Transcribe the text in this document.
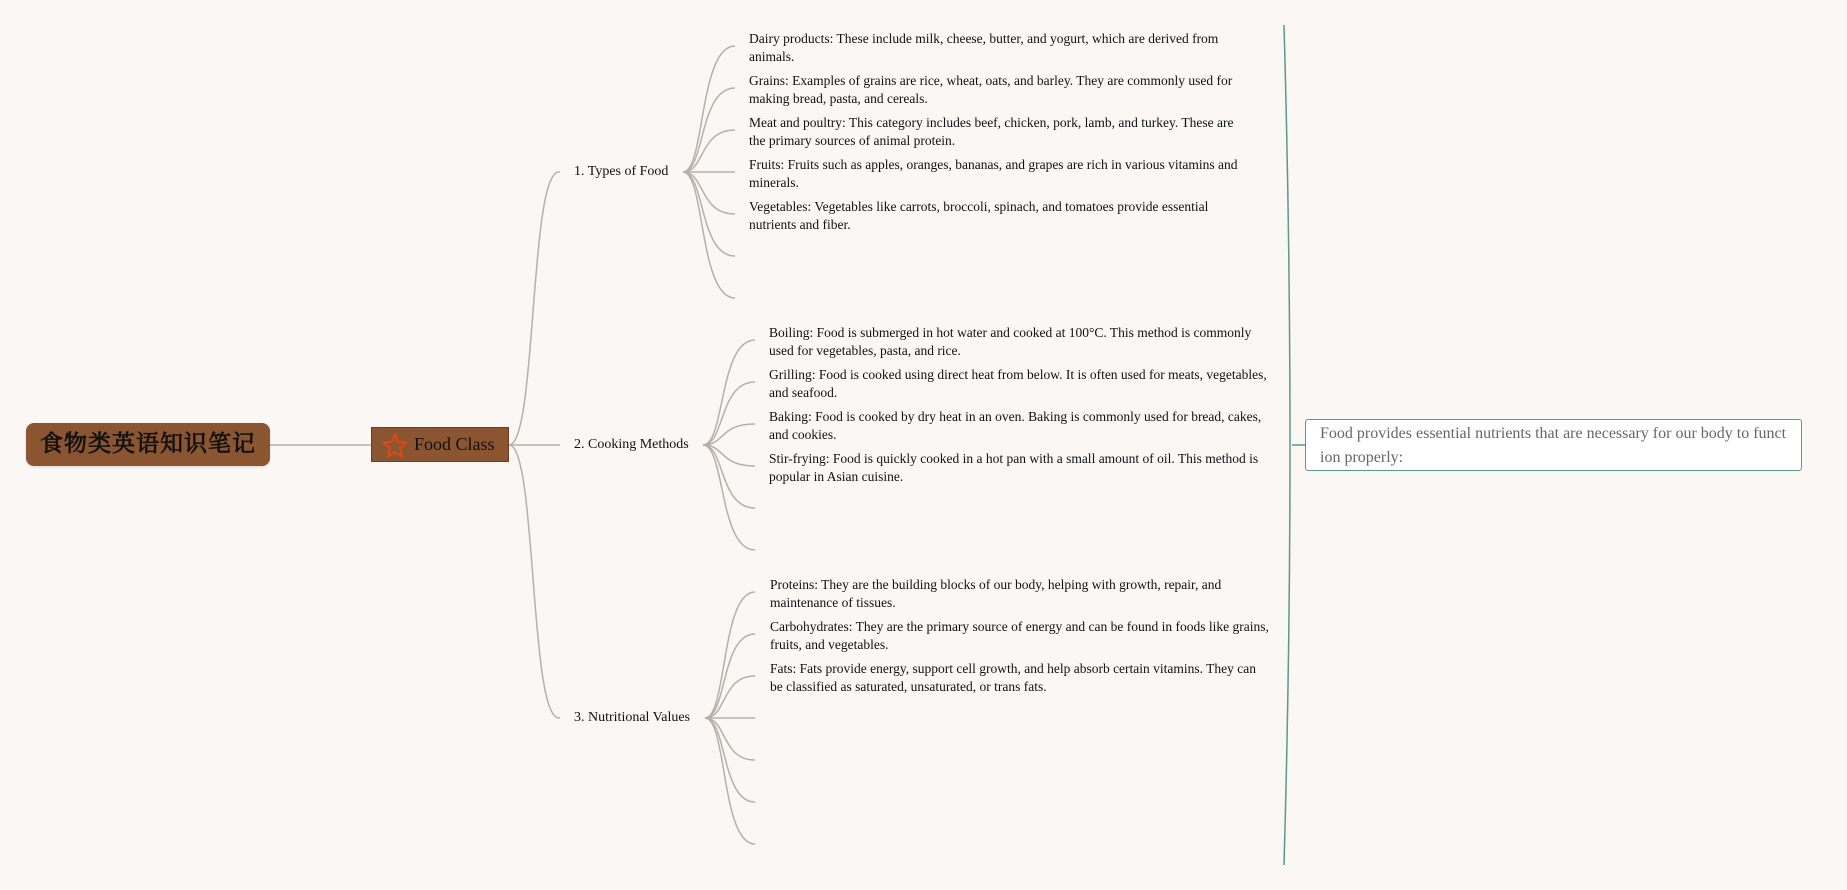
食物类英语知识笔记	Food Class
1. Types of Food
2. Cooking Methods
3. Nutritional Values
Dairy products: These include milk, cheese, butter, and yogurt, which are derived from animals.
Grains: Examples of grains are rice, wheat, oats, and barley. They are commonly used for making bread, pasta, and cereals.
Meat and poultry: This category includes beef, chicken, pork, lamb, and turkey. These are the primary sources of animal protein.
Fruits: Fruits such as apples, oranges, bananas, and grapes are rich in various vitamins and minerals.
Vegetables: Vegetables like carrots, broccoli, spinach, and tomatoes provide essential nutrients and fiber.
Boiling: Food is submerged in hot water and cooked at 100°C. This method is commonly used for vegetables, pasta, and rice.
Grilling: Food is cooked using direct heat from below. It is often used for meats, vegetables, and seafood.
Baking: Food is cooked by dry heat in an oven. Baking is commonly used for bread, cakes, and cookies.
Stir-frying: Food is quickly cooked in a hot pan with a small amount of oil. This method is popular in Asian cuisine.
Proteins: They are the building blocks of our body, helping with growth, repair, and maintenance of tissues.
Carbohydrates: They are the primary source of energy and can be found in foods like grains, fruits, and vegetables.
Fats: Fats provide energy, support cell growth, and help absorb certain vitamins. They can be classified as saturated, unsaturated, or trans fats.
Food provides essential nutrients that are necessary for our body to function properly:
